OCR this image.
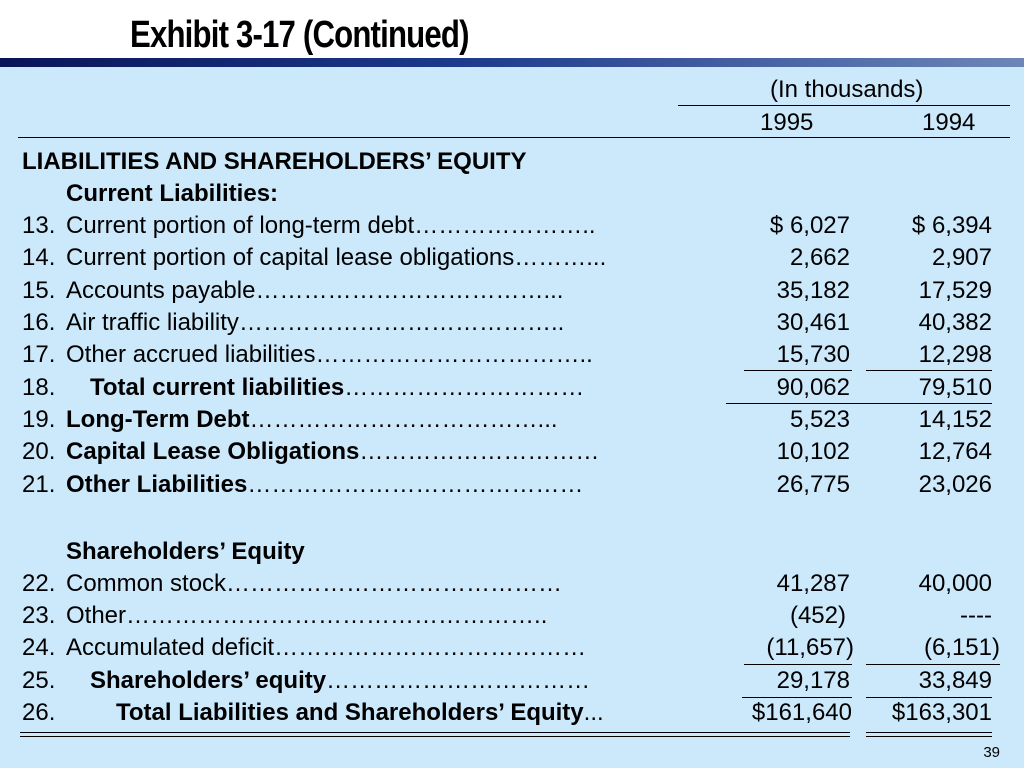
Exhibit 3-17 (Continued)
(In thousands)
1995	1994
LIABILITIES AND SHAREHOLDERS’ EQUITY
Current Liabilities:
13. Current portion of long-term debt…………………..	$ 6,027	$ 6,394
14. Current portion of capital lease obligations………...	2,662	2,907
15. Accounts payable………………………………...	35,182	17,529
16. Air traffic liability…………………………………..	30,461	40,382
17. Other accrued liabilities……………………………..	15,730	12,298
18. Total current liabilities…………………………	90,062	79,510
19. Long-Term Debt………………………………...	5,523	14,152
20. Capital Lease Obligations…………………………	10,102	12,764
21. Other Liabilities……………………………………	26,775	23,026
Shareholders’ Equity
22. Common stock……………………………………	41,287	40,000
23. Other……………………………………………..	(452)	----
24. Accumulated deficit…………………………………	(11,657)	(6,151)
25. Shareholders’ equity……………………………	29,178	33,849
26.	Total Liabilities and Shareholders’ Equity...	$161,640 $163,301
39
